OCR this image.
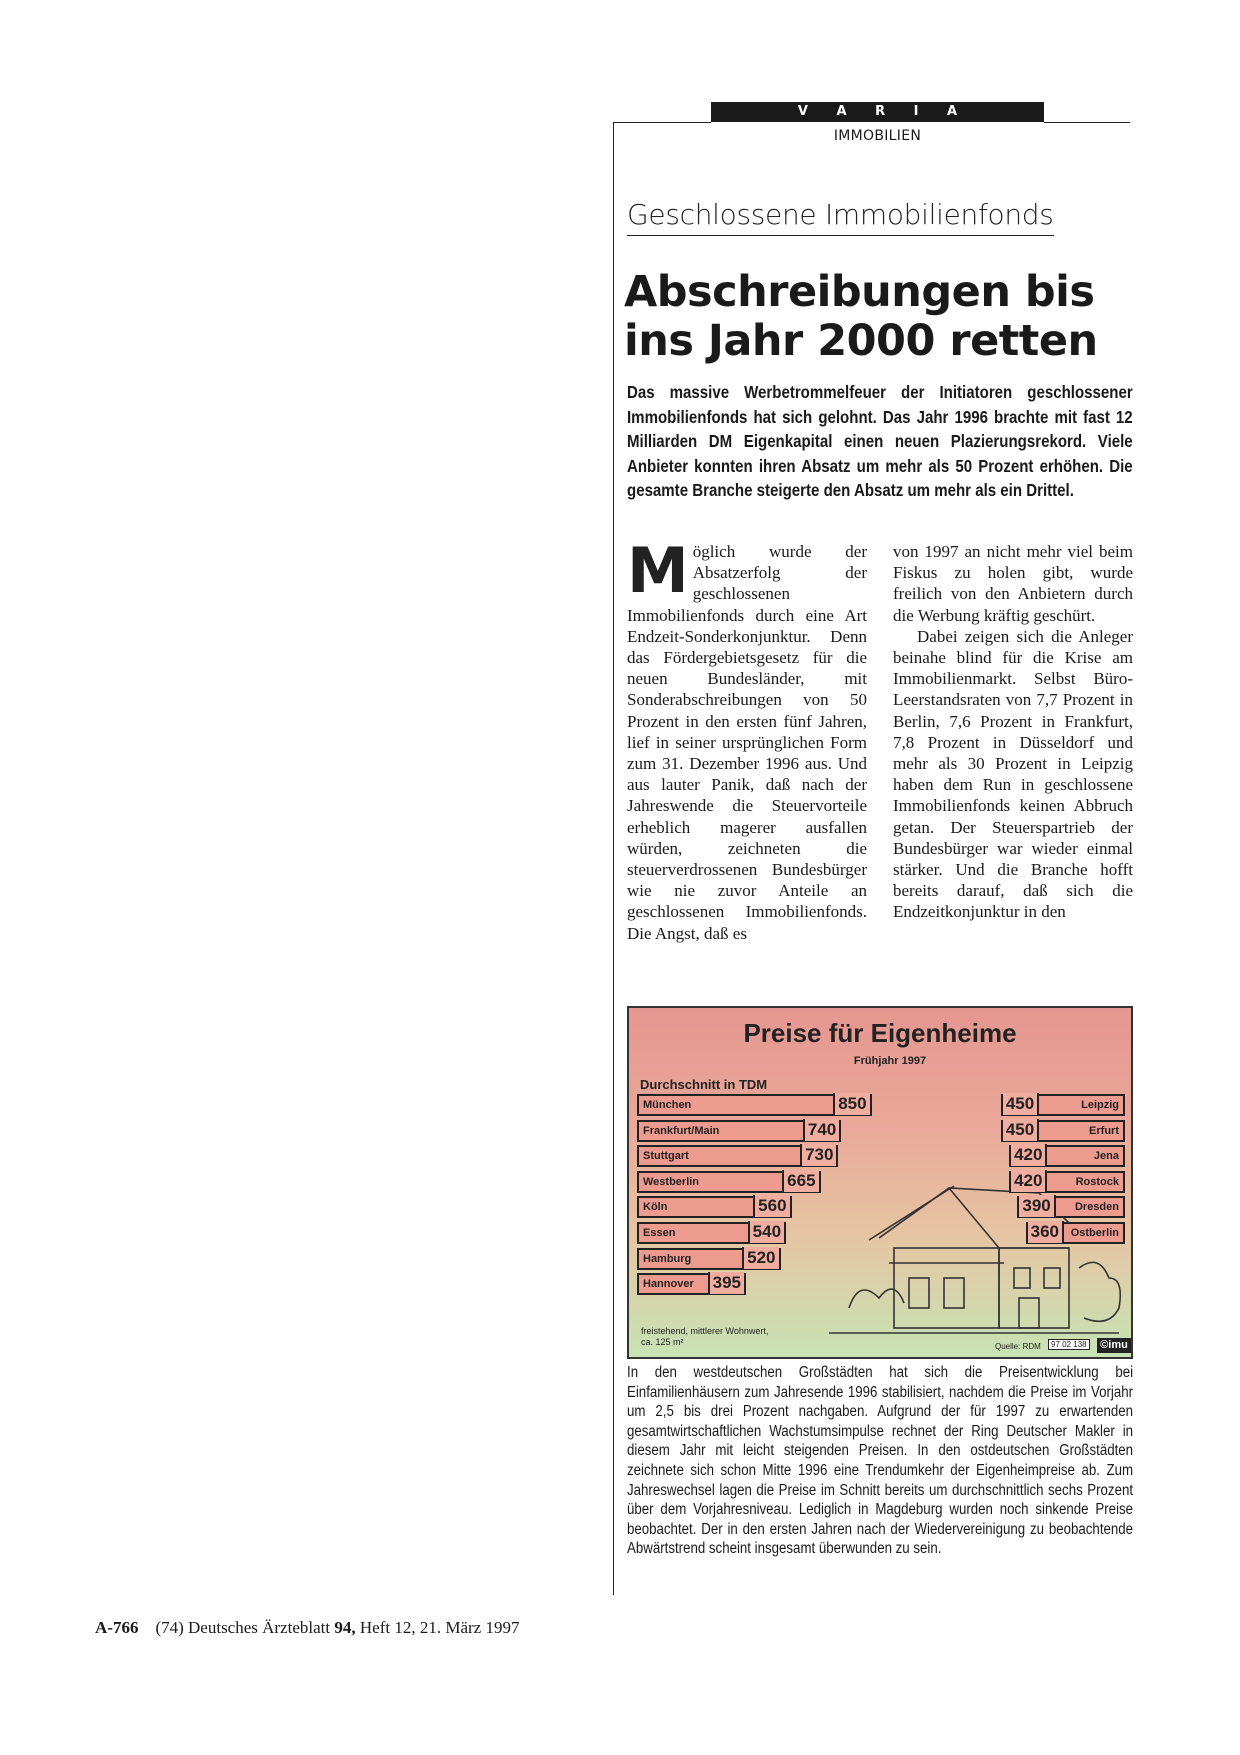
V A R I A
IMMOBILIEN
Geschlossene Immobilienfonds
Abschreibungen bis
ins Jahr 2000 retten

Das massive Werbetrommelfeuer der Initiatoren geschlossener Immobilienfonds hat sich gelohnt. Das Jahr 1996 brachte mit fast 12 Milliarden DM Eigenkapital einen neuen Plazierungsrekord. Viele Anbieter konnten ihren Absatz um mehr als 50 Prozent erhöhen. Die gesamte Branche steigerte den Absatz um mehr als ein Drittel.

Möglich wurde der Absatzerfolg der geschlossenen Immobilienfonds durch eine Art Endzeit-Sonderkonjunktur. Denn das Fördergebietsgesetz für die neuen Bundesländer, mit Sonderabschreibungen von 50 Prozent in den ersten fünf Jahren, lief in seiner ursprünglichen Form zum 31. Dezember 1996 aus. Und aus lauter Panik, daß nach der Jahreswende die Steuervorteile erheblich magerer ausfallen würden, zeichneten die steuerverdrossenen Bundesbürger wie nie zuvor Anteile an geschlossenen Immobilienfonds. Die Angst, daß es

von 1997 an nicht mehr viel beim Fiskus zu holen gibt, wurde freilich von den Anbietern durch die Werbung kräftig geschürt.

Dabei zeigen sich die Anleger beinahe blind für die Krise am Immobilienmarkt. Selbst Büro-Leerstandsraten von 7,7 Prozent in Berlin, 7,6 Prozent in Frankfurt, 7,8 Prozent in Düsseldorf und mehr als 30 Prozent in Leipzig haben dem Run in geschlossene Immobilienfonds keinen Abbruch getan. Der Steuerspartrieb der Bundesbürger war wieder einmal stärker. Und die Branche hofft bereits darauf, daß sich die Endzeitkonjunktur in den

Preise für Eigenheime
Frühjahr 1997
Durchschnitt in TDM
München	850
Frankfurt/Main	740
Stuttgart	730
Westberlin	665
Köln	560
Essen	540
Hamburg	520
Hannover 395
450	Leipzig
450	Erfurt
420	Jena
420	Rostock
390	Dresden
360	Ostberlin
freistehend, mittlerer Wohnwert,
ca. 125 m²	Quelle: RDM	97 02 138 ©imu

In den westdeutschen Großstädten hat sich die Preisentwicklung bei Einfamilienhäusern zum Jahresende 1996 stabilisiert, nachdem die Preise im Vorjahr um 2,5 bis drei Prozent nachgaben. Aufgrund der für 1997 zu erwartenden gesamtwirtschaftlichen Wachstumsimpulse rechnet der Ring Deutscher Makler in diesem Jahr mit leicht steigenden Preisen. In den ostdeutschen Großstädten zeichnete sich schon Mitte 1996 eine Trendumkehr der Eigenheimpreise ab. Zum Jahreswechsel lagen die Preise im Schnitt bereits um durchschnittlich sechs Prozent über dem Vorjahresniveau. Lediglich in Magdeburg wurden noch sinkende Preise beobachtet. Der in den ersten Jahren nach der Wiedervereinigung zu beobachtende Abwärtstrend scheint insgesamt überwunden zu sein.

A-766 (74) Deutsches Ärzteblatt 94, Heft 12, 21. März 1997
